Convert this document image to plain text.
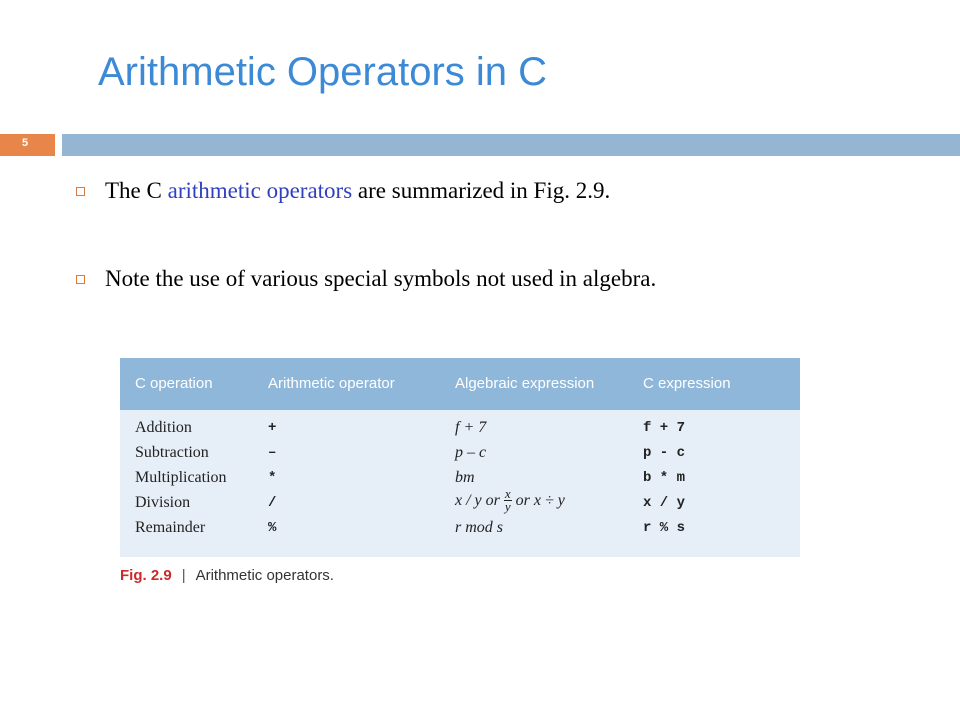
Arithmetic Operators in C
5
The C arithmetic operators are summarized in Fig. 2.9.
Note the use of various special symbols not used in algebra.
C operation	Arithmetic operator	Algebraic expression	C expression
Addition	+	f + 7	f + 7
Subtraction	–	p – c	p - c
Multiplication	*	bm	b * m
Division	/	x / y or $\frac{x}{y}$ or x ÷ y	x / y
Remainder	%	r mod s	r % s
Fig. 2.9 | Arithmetic operators.
